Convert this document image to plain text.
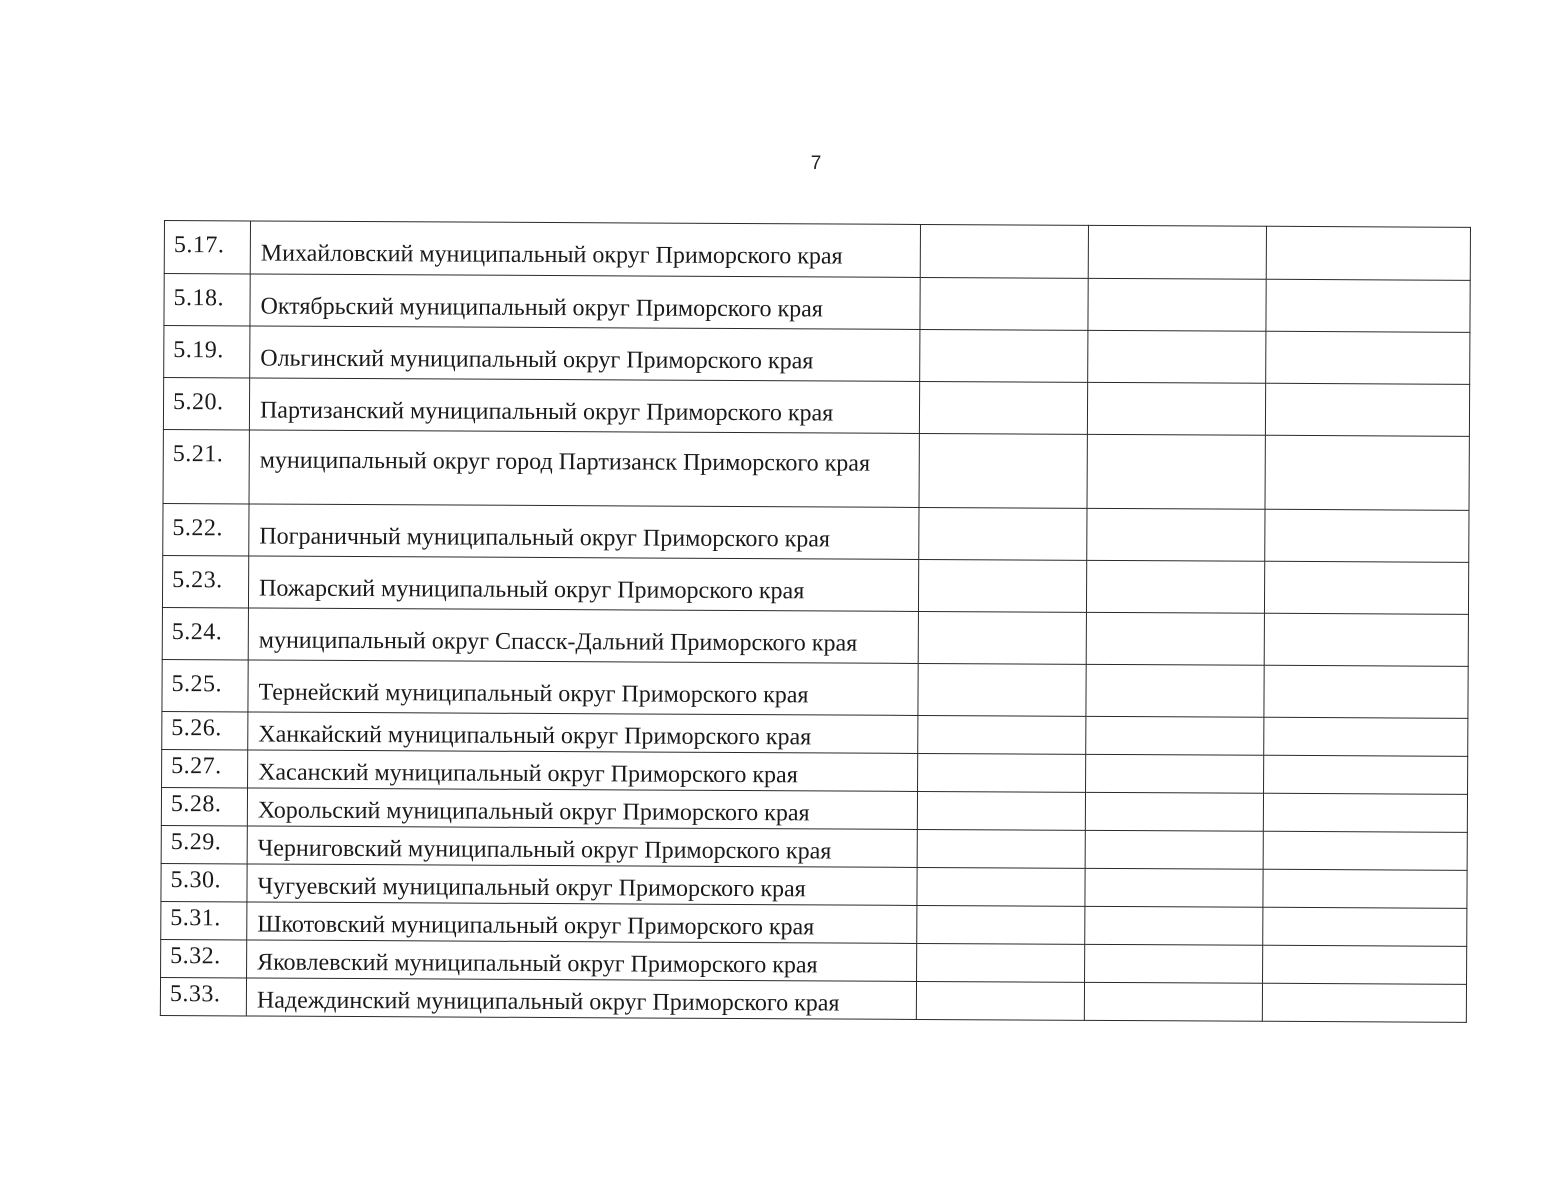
7
5.17.	Михайловский муниципальный округ Приморского края			
5.18.	Октябрьский муниципальный округ Приморского края			
5.19.	Ольгинский муниципальный округ Приморского края			
5.20.	Партизанский муниципальный округ Приморского края			
5.21.	муниципальный округ город Партизанск Приморского края			
5.22.	Пограничный муниципальный округ Приморского края			
5.23.	Пожарский муниципальный округ Приморского края			
5.24.	муниципальный округ Спасск-Дальний Приморского края			
5.25.	Тернейский муниципальный округ Приморского края			
5.26.	Ханкайский муниципальный округ Приморского края			
5.27.	Хасанский муниципальный округ Приморского края			
5.28.	Хорольский муниципальный округ Приморского края			
5.29.	Черниговский муниципальный округ Приморского края			
5.30.	Чугуевский муниципальный округ Приморского края			
5.31.	Шкотовский муниципальный округ Приморского края			
5.32.	Яковлевский муниципальный округ Приморского края			
5.33.	Надеждинский муниципальный округ Приморского края			
